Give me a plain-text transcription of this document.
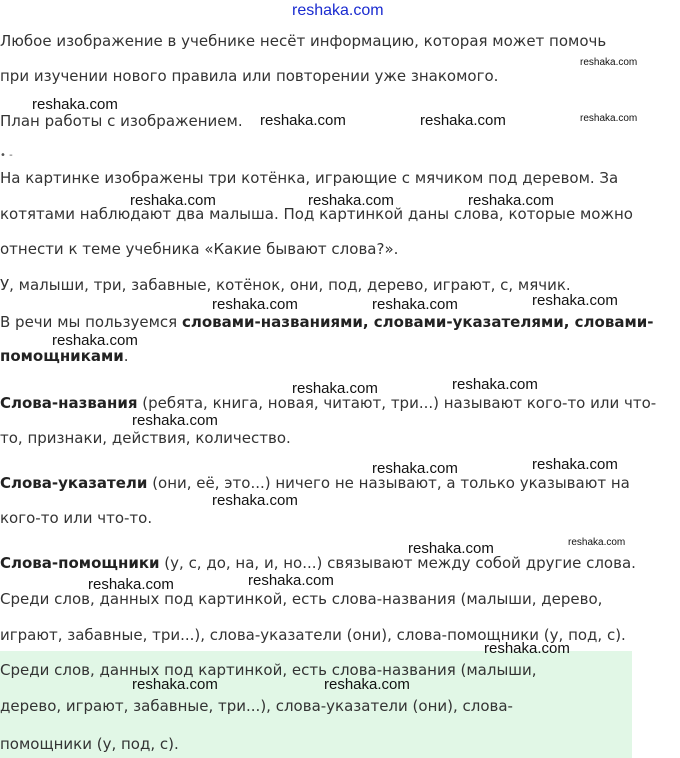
reshaka.com
Любое изображение в учебнике несёт информацию, которая может помочь
при изучении нового правила или повторении уже знакомого.
План работы с изображением.
• -
На картинке изображены три котёнка, играющие с мячиком под деревом. За
котятами наблюдают два малыша. Под картинкой даны слова, которые можно
отнести к теме учебника «Какие бывают слова?».
У, малыши, три, забавные, котёнок, они, под, дерево, играют, с, мячик.
В речи мы пользуемся словами-названиями, словами-указателями, словами-
помощниками.
Слова-названия (ребята, книга, новая, читают, три...) называют кого-то или что-
то, признаки, действия, количество.
Слова-указатели (они, её, это...) ничего не называют, а только указывают на
кого-то или что-то.
Слова-помощники (у, с, до, на, и, но...) связывают между собой другие слова.
Среди слов, данных под картинкой, есть слова-названия (малыши, дерево,
играют, забавные, три...), слова-указатели (они), слова-помощники (у, под, с).
Среди слов, данных под картинкой, есть слова-названия (малыши,
дерево, играют, забавные, три...), слова-указатели (они), слова-
помощники (у, под, с).
reshaka.com
reshaka.com
reshaka.com	reshaka.com	reshaka.com
reshaka.com	reshaka.com	reshaka.com
reshaka.com	reshaka.com	reshaka.com
reshaka.com
reshaka.com	reshaka.com
reshaka.com
reshaka.com	reshaka.com
reshaka.com
reshaka.com	reshaka.com
reshaka.com
reshaka.com
reshaka.com
reshaka.com	reshaka.com
